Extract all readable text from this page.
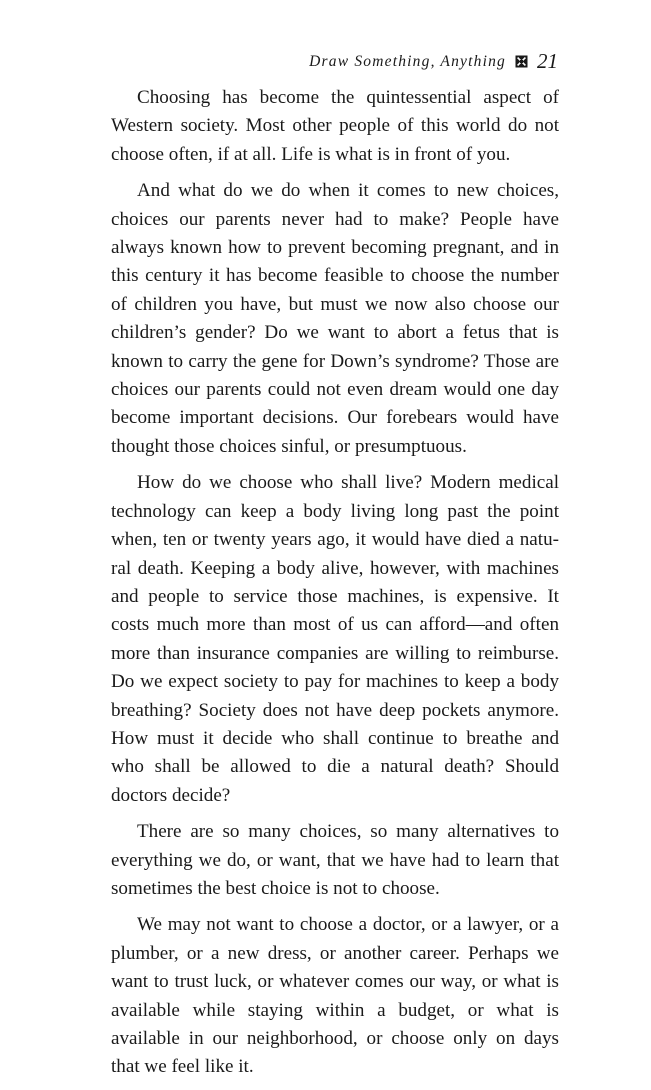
Draw Something, Anything 21

Choosing has become the quintessential aspect of Western society. Most other people of this world do not choose often, if at all. Life is what is in front of you.

And what do we do when it comes to new choices, choices our parents never had to make? People have always known how to prevent becoming pregnant, and in this century it has become feasible to choose the number of children you have, but must we now also choose our children’s gender? Do we want to abort a fetus that is known to carry the gene for Down’s syndrome? Those are choices our parents could not even dream would one day become important decisions. Our forebears would have thought those choices sinful, or presumptuous.

How do we choose who shall live? Modern medical technology can keep a body living long past the point when, ten or twenty years ago, it would have died a natural death. Keeping a body alive, however, with machines and people to service those machines, is expensive. It costs much more than most of us can afford—and often more than insurance companies are willing to reimburse. Do we expect society to pay for machines to keep a body breathing? Society does not have deep pockets anymore. How must it decide who shall continue to breathe and who shall be allowed to die a natural death? Should doctors decide?

There are so many choices, so many alternatives to everything we do, or want, that we have had to learn that sometimes the best choice is not to choose.

We may not want to choose a doctor, or a lawyer, or a plumber, or a new dress, or another career. Perhaps we want to trust luck, or whatever comes our way, or what is available while staying within a budget, or what is available in our neighborhood, or choose only on days that we feel like it.
